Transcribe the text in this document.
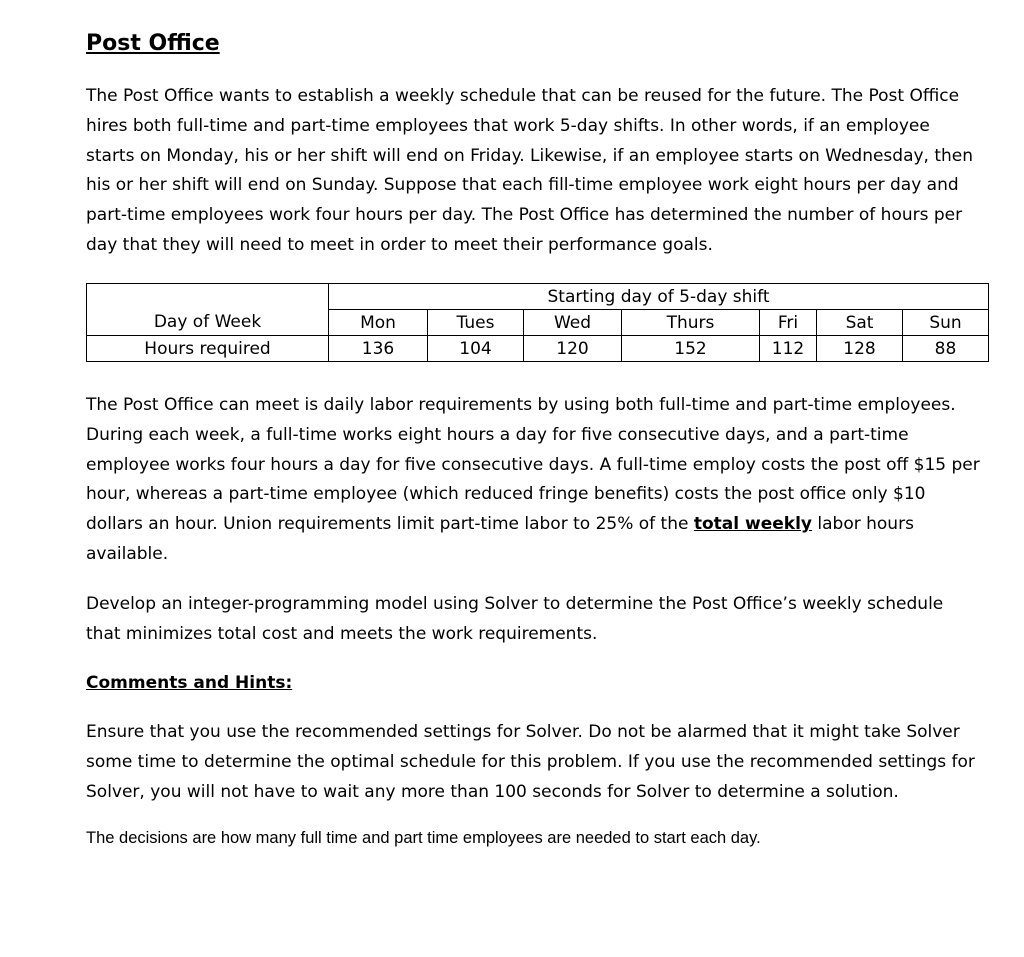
Post Office

The Post Office wants to establish a weekly schedule that can be reused for the future. The Post Office
hires both full-time and part-time employees that work 5-day shifts. In other words, if an employee
starts on Monday, his or her shift will end on Friday. Likewise, if an employee starts on Wednesday, then
his or her shift will end on Sunday. Suppose that each fill-time employee work eight hours per day and
part-time employees work four hours per day. The Post Office has determined the number of hours per
day that they will need to meet in order to meet their performance goals.

	Starting day of 5-day shift						
Day of Week	Mon	Tues	Wed	Thurs	Fri	Sat	Sun
Hours required	136	104	120	152	112	128	88

The Post Office can meet is daily labor requirements by using both full-time and part-time employees.
During each week, a full-time works eight hours a day for five consecutive days, and a part-time
employee works four hours a day for five consecutive days. A full-time employ costs the post off $15 per
hour, whereas a part-time employee (which reduced fringe benefits) costs the post office only $10
dollars an hour. Union requirements limit part-time labor to 25% of the total weekly labor hours
available.

Develop an integer-programming model using Solver to determine the Post Office’s weekly schedule
that minimizes total cost and meets the work requirements.

Comments and Hints:

Ensure that you use the recommended settings for Solver. Do not be alarmed that it might take Solver
some time to determine the optimal schedule for this problem. If you use the recommended settings for
Solver, you will not have to wait any more than 100 seconds for Solver to determine a solution.

The decisions are how many full time and part time employees are needed to start each day.
